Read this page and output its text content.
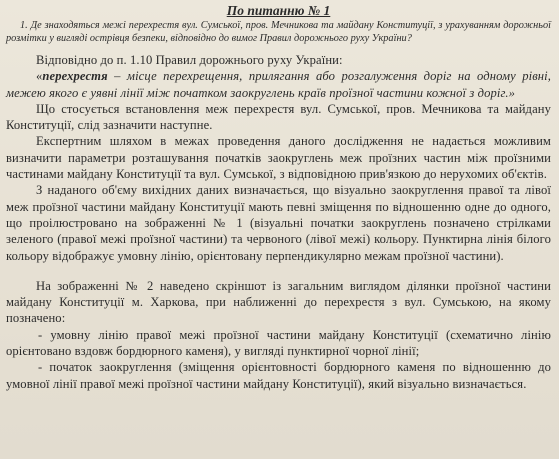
По питанню № 1
1. Де знаходяться межі перехрестя вул. Сумської, пров. Мечникова та майдану Конституції, з урахуванням дорожньої розмітки у вигляді острівця безпеки, відповідно до вимог Правил дорожнього руху України?

Відповідно до п. 1.10 Правил дорожнього руху України:

«перехрестя – місце перехрещення, прилягання або розгалуження доріг на одному рівні, межею якого є уявні лінії між початком заокруглень країв проїзної частини кожної з доріг.»

Що стосується встановлення меж перехрестя вул. Сумської, пров. Мечникова та майдану Конституції, слід зазначити наступне.

Експертним шляхом в межах проведення даного дослідження не надається можливим визначити параметри розташування початків заокруглень меж проїзних частин між проїзними частинами майдану Конституції та вул. Сумської, з відповідною прив'язкою до нерухомих об'єктів.

З наданого об'єму вихідних даних визначається, що візуально заокруглення правої та лівої меж проїзної частини майдану Конституції мають певні зміщення по відношенню одне до одного, що проілюстровано на зображенні № 1 (візуальні початки заокруглень позначено стрілками зеленого (правої межі проїзної частини) та червоного (лівої межі) кольору. Пунктирна лінія білого кольору відображує умовну лінію, орієнтовану перпендикулярно межам проїзної частини).

На зображенні № 2 наведено скріншот із загальним виглядом ділянки проїзної частини майдану Конституції м. Харкова, при наближенні до перехрестя з вул. Сумською, на якому позначено:

- умовну лінію правої межі проїзної частини майдану Конституції (схематично лінію орієнтовано вздовж бордюрного каменя), у вигляді пунктирної чорної лінії;

- початок заокруглення (зміщення орієнтовності бордюрного каменя по відношенню до умовної лінії правої межі проїзної частини майдану Конституції), який візуально визначається.
